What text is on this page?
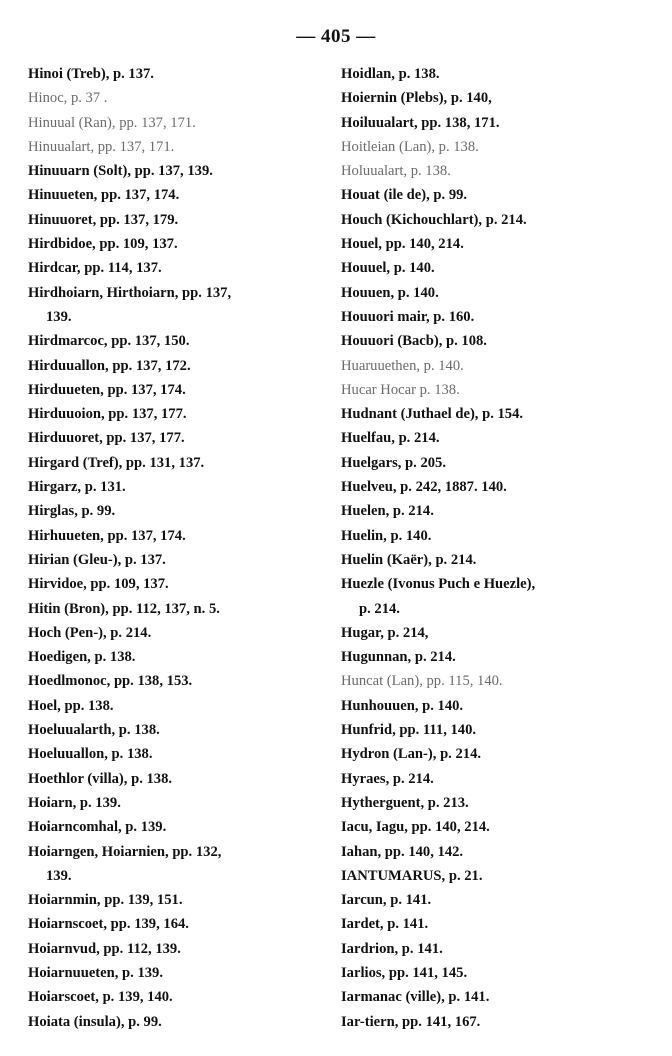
— 405 —
Hinoi (Treb), p. 137.
Hinoc, p. 37 .
Hinuual (Ran), pp. 137, 171.
Hinuualart, pp. 137, 171.
Hinuuarn (Solt), pp. 137, 139.
Hinuueten, pp. 137, 174.
Hinuuoret, pp. 137, 179.
Hirdbidoe, pp. 109, 137.
Hirdcar, pp. 114, 137.
Hirdhoiarn, Hirthoiarn, pp. 137,
139.
Hirdmarcoc, pp. 137, 150.
Hirduuallon, pp. 137, 172.
Hirduueten, pp. 137, 174.
Hirduuoion, pp. 137, 177.
Hirduuoret, pp. 137, 177.
Hirgard (Tref), pp. 131, 137.
Hirgarz, p. 131.
Hirglas, p. 99.
Hirhuueten, pp. 137, 174.
Hirian (Gleu-), p. 137.
Hirvidoe, pp. 109, 137.
Hitin (Bron), pp. 112, 137, n. 5.
Hoch (Pen-), p. 214.
Hoedigen, p. 138.
Hoedlmonoc, pp. 138, 153.
Hoel, pp. 138.
Hoeluualarth, p. 138.
Hoeluuallon, p. 138.
Hoethlor (villa), p. 138.
Hoiarn, p. 139.
Hoiarncomhal, p. 139.
Hoiarngen, Hoiarnien, pp. 132,
139.
Hoiarnmin, pp. 139, 151.
Hoiarnscoet, pp. 139, 164.
Hoiarnvud, pp. 112, 139.
Hoiarnuueten, p. 139.
Hoiarscoet, p. 139, 140.
Hoiata (insula), p. 99.
Hoidlan, p. 138.
Hoiernin (Plebs), p. 140,
Hoiluualart, pp. 138, 171.
Hoitleian (Lan), p. 138.
Holuualart, p. 138.
Houat (ile de), p. 99.
Houch (Kichouchlart), p. 214.
Houel, pp. 140, 214.
Houuel, p. 140.
Houuen, p. 140.
Houuori mair, p. 160.
Houuori (Bacb), p. 108.
Huaruuethen, p. 140.
Hucar Hocar p. 138.
Hudnant (Juthael de), p. 154.
Huelfau, p. 214.
Huelgars, p. 205.
Huelveu, p. 242, 1887. 140.
Huelen, p. 214.
Huelin, p. 140.
Huelin (Kaër), p. 214.
Huezle (Ivonus Puch e Huezle),
p. 214.
Hugar, p. 214,
Hugunnan, p. 214.
Huncat (Lan), pp. 115, 140.
Hunhouuen, p. 140.
Hunfrid, pp. 111, 140.
Hydron (Lan-), p. 214.
Hyraes, p. 214.
Hytherguent, p. 213.
Iacu, Iagu, pp. 140, 214.
Iahan, pp. 140, 142.
IANTUMARUS, p. 21.
Iarcun, p. 141.
Iardet, p. 141.
Iardrion, p. 141.
Iarlios, pp. 141, 145.
Iarmanac (ville), p. 141.
Iar-tiern, pp. 141, 167.
